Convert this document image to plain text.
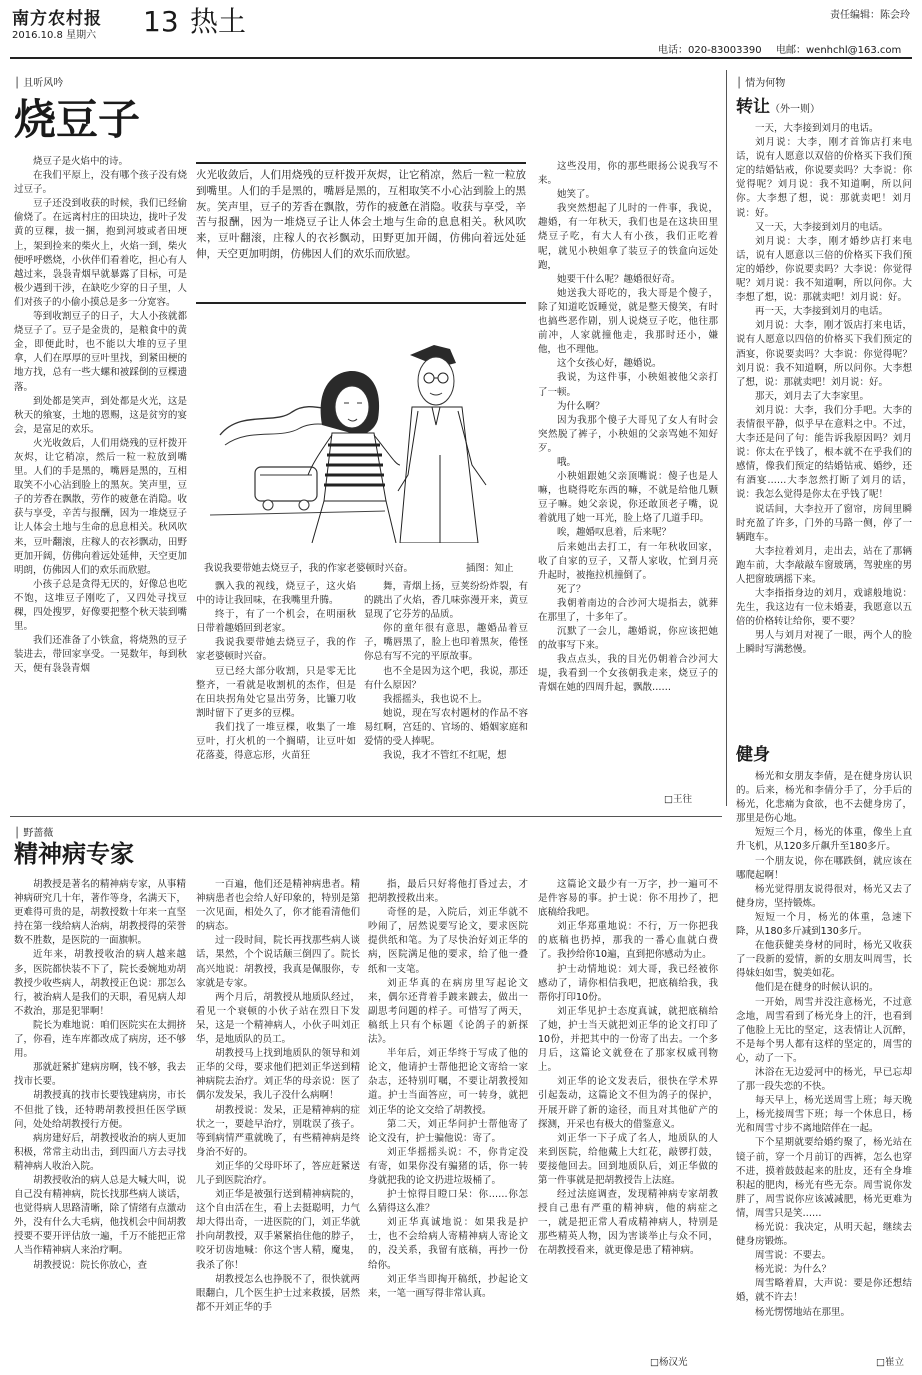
南方农村报
2016.10.8 星期六 13 热土	责任编辑：陈会玲
电话：020-83003390 电邮：wenhchl@163.com
│ 且听风吟
烧豆子

烧豆子是火焰中的诗。

在我们平原上，没有哪个孩子没有烧过豆子。

豆子还没到收获的时候，我们已经偷偷烧了。在远离村庄的田块边，拢叶子发黄的豆稞，拔一捆，抱到河坡或者田埂上，架到捡来的柴火上，火焰一到，柴火便呼呼燃烧，小伙伴们看着吃，担心有人越过来，袅袅青烟早就暴露了目标，可是极少遇到干涉，在缺吃少穿的日子里，人们对孩子的小偷小摸总是多一分宽容。

等到收割豆子的日子，大人小孩就都烧豆子了。豆子是金贵的，是粮食中的黄金，即便此时，也不能以大堆的豆子里拿，人们在厚厚的豆叶里找，到紧田梗的地方找，总有一些大螺和被踩倒的豆棵遗落。

到处都是笑声，到处都是火光，这是秋天的飨宴，土地的恩赐，这是贫穷的宴会，是富足的欢乐。

火光收敛后，人们用烧残的豆杆拨开灰烬，让它稍凉，然后一粒一粒放到嘴里。人们的手是黑的，嘴唇是黑的，互相取笑不小心沾到脸上的黑灰。笑声里，豆子的芳香在飘散，劳作的疲惫在消隐。收获与享受，辛苦与报酬，因为一堆烧豆子让人体会土地与生命的息息相关。秋风吹来，豆叶翻滚，庄稼人的衣衫飘动，田野更加开阔，仿佛向着远处延伸，天空更加明朗，仿佛因人们的欢乐而欣慰。

小孩子总是贪得无厌的，好像总也吃不饱，这堆豆子刚吃了，又四处寻找豆稞，四处搜罗，好像要把整个秋天装到嘴里。

我们还准备了小铁盒，将烧熟的豆子装进去，带回家享受。一晃数年，每到秋天，便有袅袅青烟

火光收敛后，人们用烧残的豆杆拨开灰烬，让它稍凉，然后一粒一粒放到嘴里。人们的手是黑的，嘴唇是黑的，互相取笑不小心沾到脸上的黑灰。笑声里，豆子的芳香在飘散，劳作的疲惫在消隐。收获与享受，辛苦与报酬，因为一堆烧豆子让人体会土地与生命的息息相关。秋风吹来，豆叶翻滚，庄稼人的衣衫飘动，田野更加开阔，仿佛向着远处延伸，天空更加明朗，仿佛因人们的欢乐而欣慰。
我说我要带她去烧豆子，我的作家老婆顿时兴奋。	插图：知止

飘入我的视线，烧豆子，这火焰中的诗让我回味，在我嘴里升腾。

终于，有了一个机会，在明丽秋日带着趣婚回到老家。

我说我要带她去烧豆子，我的作家老婆顿时兴奋。

豆已经大部分收割，只是零无比整齐，一看就是收割机的杰作，但是在田块拐角处它显出劳务，比镰刀收割时留下了更多的豆棵。

我们找了一堆豆棵，收集了一堆豆叶，打火机的一个搁晴，让豆叶如花落菱，得意忘形，火苗狂

舞，青烟上扬，豆荚纷纷炸裂，有的跳出了火焰，香几味弥漫开来，黄豆显现了它芬芳的品质。

你的童年很有意思，趣婚品着豆子，嘴唇黑了，脸上也印着黑灰，倦怪你总有写不完的平原故事。

也不全是因为这个吧，我说，那还有什么原因？

我摇摇头，我也说不上。

她说，现在写农村题材的作品不容易红啊，宫廷的、官场的、婚姻家庭和爱情的受人捧呢。

我说，我才不管红不红呢，想

这些没用，你的那些眼扬公说我写不来。

她笑了。

我突然想起了儿时的一件事，我说，趣婚，有一年秋天，我们也是在这块田里烧豆子吃，有大人有小孩，我们正吃着呢，就见小秧姐拿了装豆子的铁盒向远处跑，

她要干什么呢？趣婚很好奇。

她送我大哥吃的，我大哥是个傻子，除了知道吃饭睡觉，就是整天傻笑，有时也搞些恶作剧，别人说烧豆子吃，他往那前冲，人家就撞他走，我那时还小，嫌他，也不理他。

这个女孩心好，趣婚说。

我说，为这件事，小秧姐被他父亲打了一顿。

为什么啊？

因为我那个傻子大哥见了女人有时会突然脱了裤子，小秧姐的父亲骂她不知好歹。

哦。

小秧姐跟她父亲顶嘴说：傻子也是人嘛，也晓得吃东西的嘛，不就是给他几颗豆子嘛。她父亲说，你还敢顶老子嘴，说着就甩了她一耳光，脸上烙了几道手印。

唉，趣婚叹息着，后来呢？

后来她出去打工，有一年秋收回家，收了自家的豆子，又帮人家收，忙到月亮升起时，被拖拉机撞倒了。

死了？

我朝着南边的合沙河大堤指去，就葬在那里了，十多年了。

沉默了一会儿，趣婚说，你应该把她的故事写下来。

我点点头，我的目光仍朝着合沙河大堤，我看到一个女孩朝我走来，烧豆子的青烟在她的四周升起，飘散……

□王往
│ 情为何物
转让（外一则）

一天，大李接到刘月的电话。

刘月说：大李，刚才首饰店打来电话，说有人愿意以双倍的价格买下我们预定的结婚钻戒，你说要卖吗？大李说：你觉得呢？刘月说：我不知道啊，所以问你。大李想了想，说：那就卖吧！刘月说：好。

又一天，大李接到刘月的电话。

刘月说：大李，刚才婚纱店打来电话，说有人愿意以三倍的价格买下我们预定的婚纱，你说要卖吗？大李说：你觉得呢？刘月说：我不知道啊，所以问你。大李想了想，说：那就卖吧！刘月说：好。

再一天，大李接到刘月的电话。

刘月说：大李，刚才饭店打来电话，说有人愿意以四倍的价格买下我们预定的酒宴，你说要卖吗？大李说：你觉得呢？刘月说：我不知道啊，所以问你。大李想了想，说：那就卖吧！刘月说：好。

那天，刘月去了大李家里。

刘月说：大李，我们分手吧。大李的表情很平静，似乎早在意料之中。不过，大李还是问了句：能告诉我原因吗？刘月说：你太在乎钱了，根本就不在乎我们的感情，像我们预定的结婚钻戒、婚纱，还有酒宴……大李忽然打断了刘月的话，说：我怎么觉得是你太在乎钱了呢！

说话间，大李拉开了窗帘，房间里瞬时充盈了许多，门外的马路一侧，停了一辆跑车。

大李拉着刘月，走出去，站在了那辆跑车前，大李敲敲车窗玻璃，驾驶座的男人把窗玻璃摇下来。

大李指指身边的刘月，戏谑般地说：先生，我这边有一位未婚妻，我愿意以五倍的价格转让给你，要不要？

男人与刘月对视了一眼，两个人的脸上瞬时写满愁慢。

健身

杨光和女朋友李倩，是在健身房认识的。后来，杨光和李倩分手了，分手后的杨光，化悲痛为食欲，也不去健身房了，那里是伤心地。

短短三个月，杨光的体重，像坐上直升飞机，从120多斤飙升至180多斤。

一个朋友说，你在哪跌倒，就应该在哪爬起啊！

杨光觉得朋友说得很对，杨光又去了健身房，坚持锻炼。

短短一个月，杨光的体重，急速下降，从180多斤减到130多斤。

在他获健美身材的同时，杨光又收获了一段新的爱情，新的女朋友叫周雪，长得妹妇如雪，貌美如花。

他们是在健身的时候认识的。

一开始，周雪并没注意杨光，不过意念地，周雪看到了杨光身上的汗，也看到了他脸上无比的坚定，这表情让人沉醉，不是每个男人都有这样的坚定的，周雪的心，动了一下。

沐浴在无边爱河中的杨光，早已忘却了那一段失恋的不快。

每天早上，杨光送周雪上班；每天晚上，杨光接周雪下班；每一个休息日，杨光和周雪寸步不离地陪伴在一起。

下个星期就要给婚约聚了，杨光站在镜子前，穿一个月前订的西裤，怎么也穿不进，摸着鼓鼓起来的肚皮，还有全身堆积起的肥肉，杨光有些无奈。周雪说你发胖了，周雪说你应该减减肥，杨光更难为情，周雪只是笑……

杨光说：我决定，从明天起，继续去健身房锻炼。

周雪说：不要去。

杨光说：为什么？

周雪略着眉，大声说：要是你还想结婚，就不许去！

杨光愣愣地站在那里。

□崔立
│ 野蔷薇
精神病专家

胡教授是著名的精神病专家，从事精神病研究几十年，著作等身，名满天下，更难得可贵的是，胡教授数十年来一直坚持在第一线给病人治病，胡教授得的荣誉数不胜数，是医院的一面旗帜。

近年来，胡教授收治的病人越来越多，医院都快装不下了，院长委婉地劝胡教授少收些病人，胡教授正色说：那怎么行，被治病人是我们的天职，看见病人却不救治，那是犯罪啊！

院长为难地说：咱们医院实在太拥挤了，你看，连车库都改成了病房，还不够用。

那就赶紧扩建病房啊，钱不够，我去找市长要。

胡教授真的找市长要钱建病房，市长不但批了钱，还特聘胡教授担任医学顾问，处处给胡教授行方便。

病房建好后，胡教授收治的病人更加积极，常常主动出击，到四面八方去寻找精神病人收治入院。

胡教授收治的病人总是大喊大叫，说自己没有精神病，院长找那些病人谈话，也觉得病人思路清晰，除了情绪有点激动外，没有什么大毛病，他找机会中间胡教授要不要开评估放一遍，千万不能把正常人当作精神病人来治疗啊。

胡教授说：院长你放心，查

一百遍，他们还是精神病患者。精神病患者也会给人好印象的，特别是第一次见面，相处久了，你才能看清他们的病态。

过一段时间，院长再找那些病人谈话，果然，个个说话颠三倒四了。院长高兴地说：胡教授，我真是佩服你，专家就是专家。

两个月后，胡教授从地质队经过，看见一个衰顿的小伙子站在烈日下发呆，这是一个精神病人，小伙子叫刘正华，是地质队的员工。

胡教授马上找到地质队的领导和刘正华的父母，要求他们把刘正华送到精神病院去治疗。刘正华的母亲说：医了偶尔发发呆，我儿子没什么病啊！

胡教授说：发呆，正是精神病的症状之一，要趁早治疗，别耽误了孩子。等到病情严重就晚了，有些精神病是终身治不好的。

刘正华的父母吓坏了，答应赶紧送儿子到医院治疗。

刘正华是被强行送到精神病院的，这个自由活在生，看上去挺聪明，力气却大得出奇，一进医院的门，刘正华就扑向胡教授，双手紧紧掐住他的脖子，咬牙切齿地喊：你这个害人精，魔鬼，我杀了你！

胡教授怎么也挣脱不了，很快就两眼翻白，几个医生护士过来救援，居然都不开刘正华的手

指，最后只好将他打昏过去，才把胡教授救出来。

奇怪的是，入院后，刘正华就不吵闹了，居然说要写论文，要求医院提供纸和笔。为了尽快治好刘正华的病，医院满足他的要求，给了他一叠纸和一支笔。

刘正华真的在病房里写起论文来，偶尔还背着手踱来踱去，做出一副思考问题的样子。可惜写了两天，稿纸上只有个标题《论鸽子的新探法》。

半年后，刘正华终于写成了他的论文，他请护士帮他把论文寄给一家杂志，还特别叮嘱，不要让胡教授知道。护士当面答应，可一转身，就把刘正华的论文交给了胡教授。

第二天，刘正华问护士帮他寄了论文没有，护士骗他说：寄了。

刘正华摇摇头说：不，你肯定没有寄，如果你没有骗猪的话，你一转身就把我的论文扔进垃圾桶了。

护士惊得目瞪口呆：你……你怎么猜得这么准？

刘正华真诚地说：如果我是护士，也不会给病人寄精神病人寄论文的，没关系，我留有底稿，再抄一份给你。

刘正华当即掏开稿纸，抄起论文来，一笔一画写得非常认真。

这篇论文最少有一万字，抄一遍可不是件容易的事。护士说：你不用抄了，把底稿给我吧。

刘正华郑重地说：不行，万一你把我的底稿也扔掉，那我的一番心血就白费了。我抄给你10遍，直到把你感动为止。

护士动情地说：刘大哥，我已经被你感动了，请你相信我吧，把底稿给我，我帮你打印10份。

刘正华见护士态度真诚，就把底稿给了她，护士当天就把刘正华的论文打印了10份，并把其中的一份寄了出去。一个多月后，这篇论文就登在了那家权威刊物上。

刘正华的论文发表后，很快在学术界引起轰动，这篇论文不但为鸽子的保护，开展开辟了新的途径，而且对其他矿产的探测，开采也有极大的借鉴意义。

刘正华一下子成了名人，地质队的人来到医院，给他戴上大红花，敲锣打鼓，要接他回去。回到地质队后，刘正华做的第一件事就是把胡教授告上法庭。

经过法庭调查，发现精神病专家胡教授自己患有严重的精神病，他的病症之一，就是把正常人看成精神病人，特别是那些精英人物，因为害谈举止与众不同，在胡教授看来，就更像是患了精神病。

□杨汉光
